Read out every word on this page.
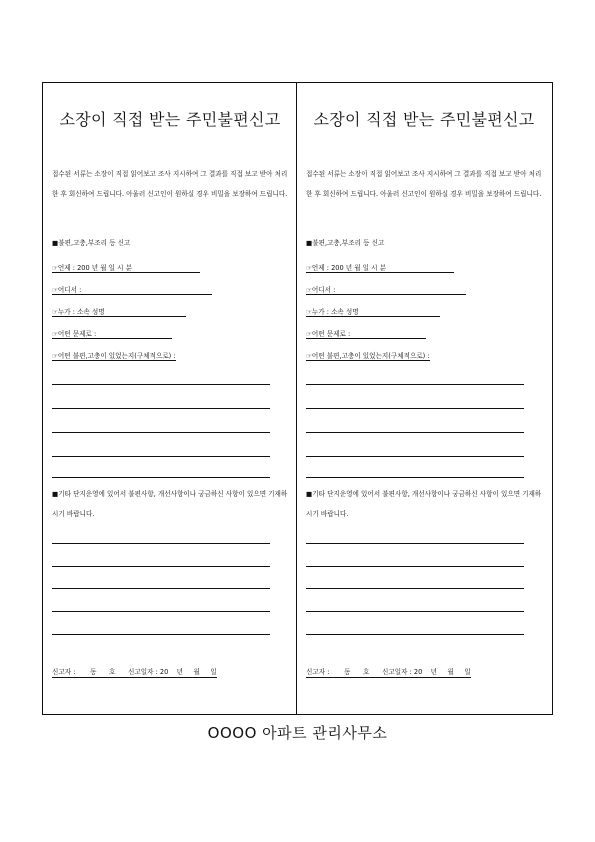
소장이 직접 받는 주민불편신고
접수된 서류는 소장이 직접 읽어보고 조사 지시하여 그 결과를 직접 보고 받아 처리한 후 회신하여 드립니다. 아울러 신고인이 원하실 경우 비밀을 보장하여 드립니다.
■불편,고충,부조리 등 신고
☞언제 : 200 년 월 일 시 분
☞어디서 :
☞누가 : 소속 성명
☞어떤 문제로 :
☞어떤 불편,고충이 있었는지(구체적으로) :
■기타 단지운영에 있어서 불편사항, 개선사항이나 궁금하신 사항이 있으면 기재하시기 바랍니다.
신고자 :       동      호      신고일자 : 20    년     월     일
소장이 직접 받는 주민불편신고
접수된 서류는 소장이 직접 읽어보고 조사 지시하여 그 결과를 직접 보고 받아 처리한 후 회신하여 드립니다. 아울러 신고인이 원하실 경우 비밀을 보장하여 드립니다.
■불편,고충,부조리 등 신고
☞언제 : 200 년 월 일 시 분
☞어디서 :
☞누가 : 소속 성명
☞어떤 문제로 :
☞어떤 불편,고충이 있었는지(구체적으로) :
■기타 단지운영에 있어서 불편사항, 개선사항이나 궁금하신 사항이 있으면 기재하시기 바랍니다.
신고자 :       동      호      신고일자 : 20    년     월     일
OOOO 아파트 관리사무소
